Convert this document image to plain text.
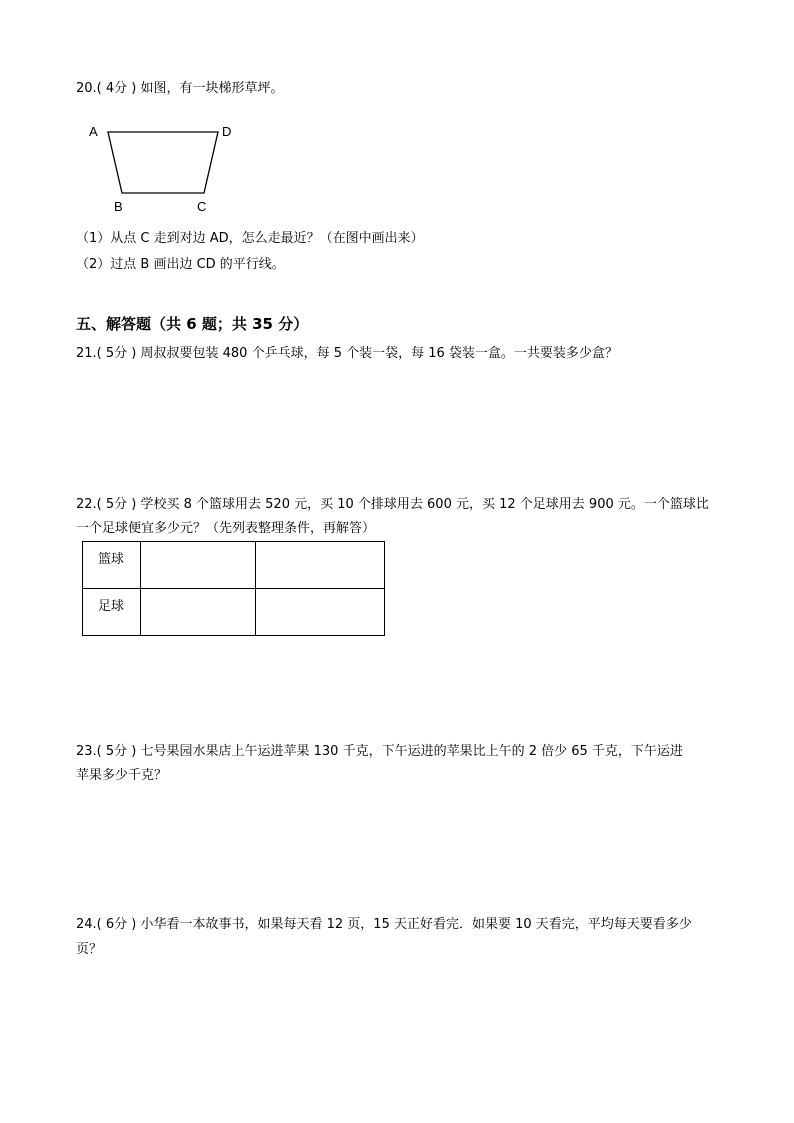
20.( 4分 ) 如图，有一块梯形草坪。
A	D
B	C
（1）从点 C 走到对边 AD，怎么走最近？（在图中画出来）
（2）过点 B 画出边 CD 的平行线。
五、解答题（共 6 题；共 35 分）
21.( 5分 ) 周叔叔要包装 480 个乒乓球，每 5 个装一袋，每 16 袋装一盒。一共要装多少盒？
22.( 5分 ) 学校买 8 个篮球用去 520 元，买 10 个排球用去 600 元，买 12 个足球用去 900 元。一个篮球比
一个足球便宜多少元？（先列表整理条件，再解答）
篮球		
足球		
23.( 5分 ) 七号果园水果店上午运进苹果 130 千克，下午运进的苹果比上午的 2 倍少 65 千克，下午运进
苹果多少千克？
24.( 6分 ) 小华看一本故事书，如果每天看 12 页，15 天正好看完．如果要 10 天看完，平均每天要看多少
页？
